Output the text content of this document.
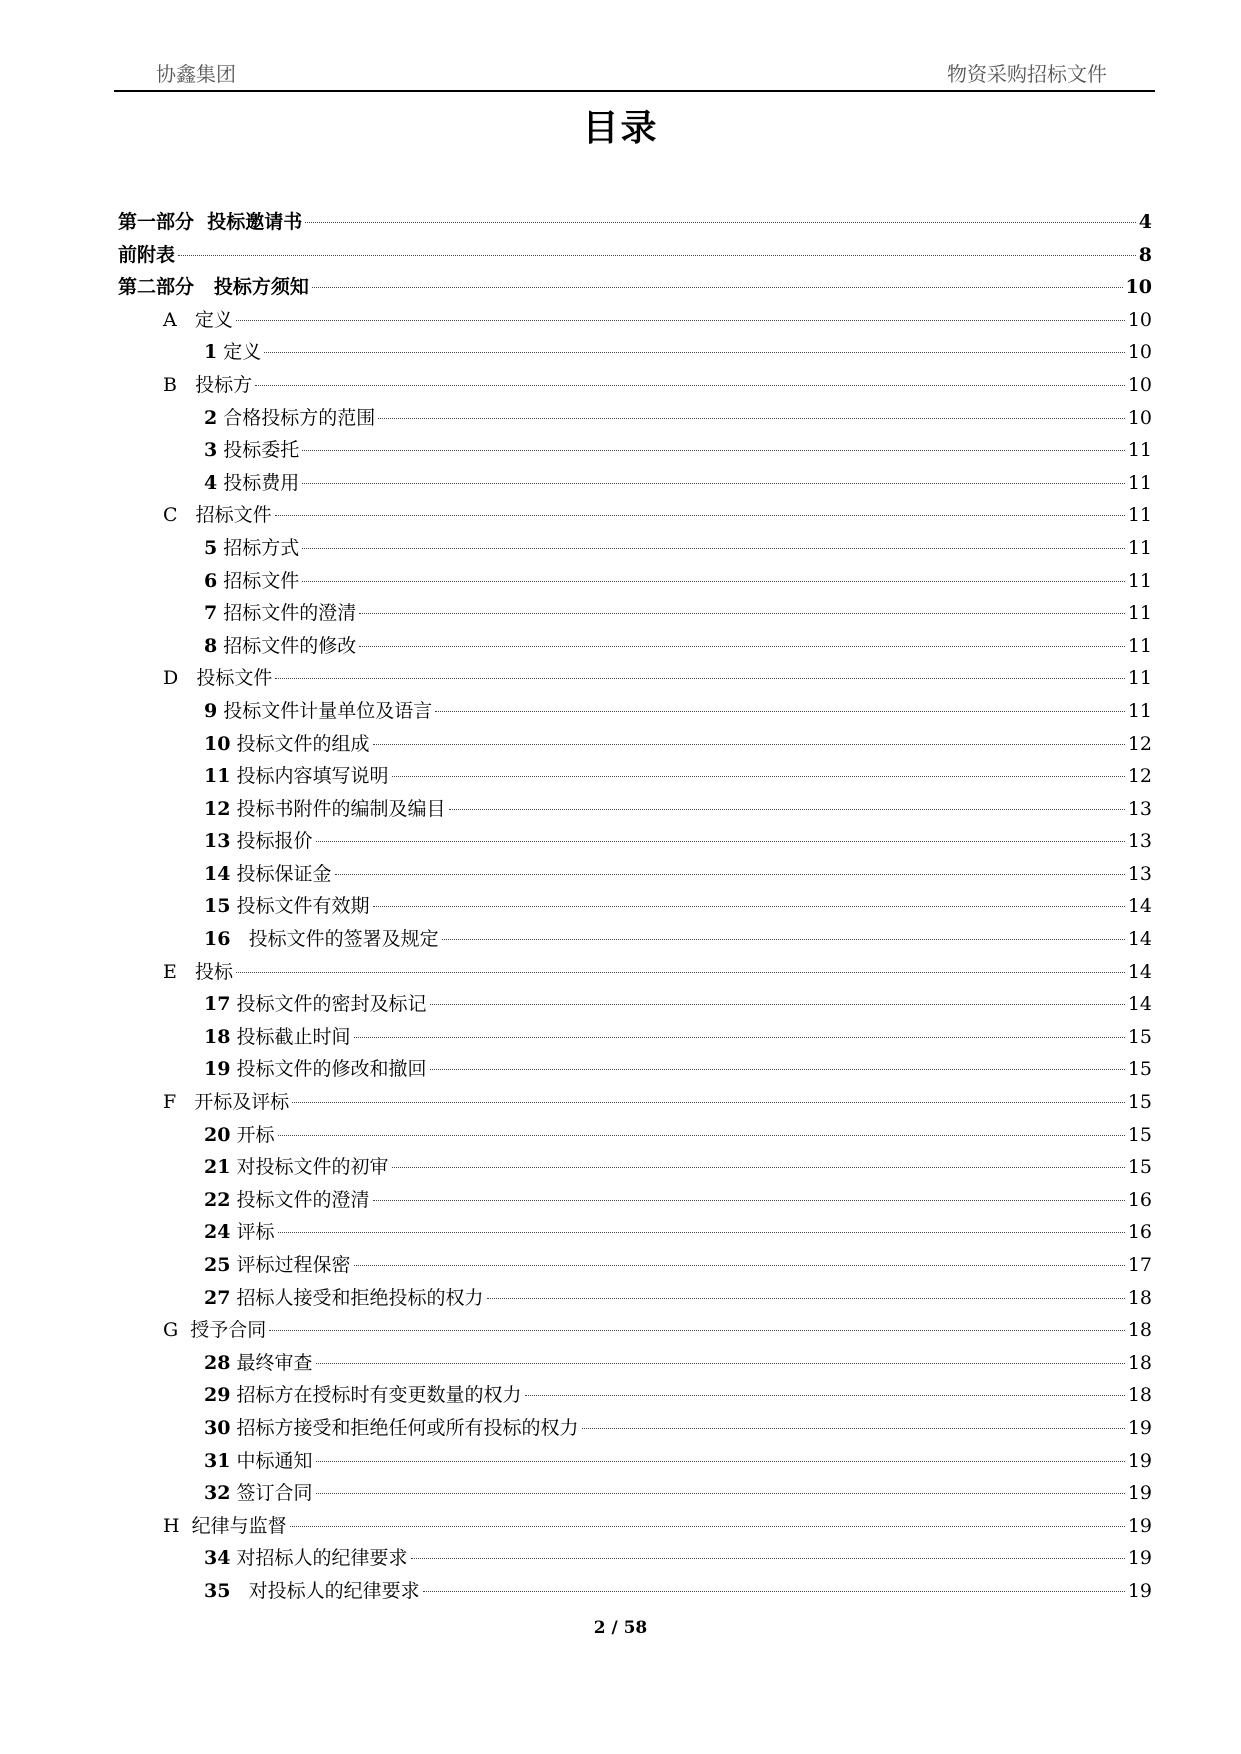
协鑫集团	物资采购招标文件
目录
第一部分  投标邀请书	4
前附表	8
第二部分   投标方须知	10
A   定义	10
1 定义	10
B   投标方	10
2 合格投标方的范围	10
3 投标委托	11
4 投标费用	11
C   招标文件	11
5 招标方式	11
6 招标文件	11
7 招标文件的澄清	11
8 招标文件的修改	11
D   投标文件	11
9 投标文件计量单位及语言	11
10 投标文件的组成	12
11 投标内容填写说明	12
12 投标书附件的编制及编目	13
13 投标报价	13
14 投标保证金	13
15 投标文件有效期	14
16   投标文件的签署及规定	14
E   投标	14
17 投标文件的密封及标记	14
18 投标截止时间	15
19 投标文件的修改和撤回	15
F   开标及评标	15
20 开标	15
21 对投标文件的初审	15
22 投标文件的澄清	16
24 评标	16
25 评标过程保密	17
27 招标人接受和拒绝投标的权力	18
G  授予合同	18
28 最终审查	18
29 招标方在授标时有变更数量的权力	18
30 招标方接受和拒绝任何或所有投标的权力	19
31 中标通知	19
32 签订合同	19
H  纪律与监督	19
34 对招标人的纪律要求	19
35   对投标人的纪律要求	19
2 / 58
